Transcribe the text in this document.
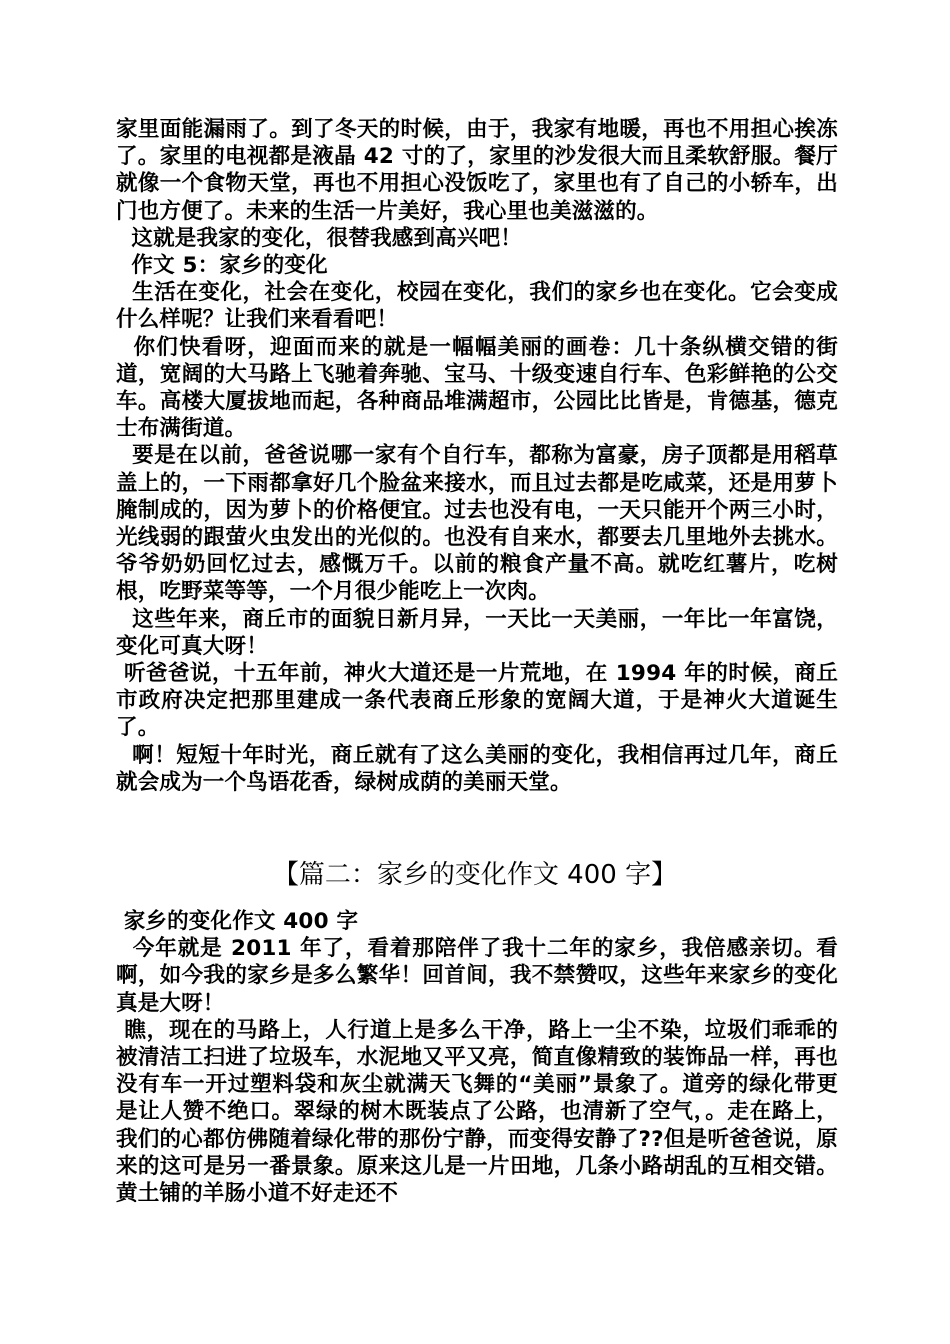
家里面能漏雨了。到了冬天的时候，由于，我家有地暖，再也不用担心挨冻了。家里的电视都是液晶 42 寸的了，家里的沙发很大而且柔软舒服。餐厅就像一个食物天堂，再也不用担心没饭吃了，家里也有了自己的小轿车，出门也方便了。未来的生活一片美好，我心里也美滋滋的。

这就是我家的变化，很替我感到高兴吧！

作文 5：家乡的变化

生活在变化，社会在变化，校园在变化，我们的家乡也在变化。它会变成什么样呢？让我们来看看吧！

你们快看呀，迎面而来的就是一幅幅美丽的画卷：几十条纵横交错的街道，宽阔的大马路上飞驰着奔驰、宝马、十级变速自行车、色彩鲜艳的公交车。高楼大厦拔地而起，各种商品堆满超市，公园比比皆是，肯德基，德克士布满街道。

要是在以前，爸爸说哪一家有个自行车，都称为富豪，房子顶都是用稻草盖上的，一下雨都拿好几个脸盆来接水，而且过去都是吃咸菜，还是用萝卜腌制成的，因为萝卜的价格便宜。过去也没有电，一天只能开个两三小时，光线弱的跟萤火虫发出的光似的。也没有自来水，都要去几里地外去挑水。爷爷奶奶回忆过去，感慨万千。以前的粮食产量不高。就吃红薯片，吃树根，吃野菜等等，一个月很少能吃上一次肉。

这些年来，商丘市的面貌日新月异，一天比一天美丽，一年比一年富饶，变化可真大呀！

听爸爸说，十五年前，神火大道还是一片荒地，在 1994 年的时候，商丘市政府决定把那里建成一条代表商丘形象的宽阔大道，于是神火大道诞生了。

啊！短短十年时光，商丘就有了这么美丽的变化，我相信再过几年，商丘就会成为一个鸟语花香，绿树成荫的美丽天堂。

【篇二：家乡的变化作文 400 字】

家乡的变化作文 400 字

今年就是 2011 年了，看着那陪伴了我十二年的家乡，我倍感亲切。看啊，如今我的家乡是多么繁华！回首间，我不禁赞叹，这些年来家乡的变化真是大呀！

瞧，现在的马路上，人行道上是多么干净，路上一尘不染，垃圾们乖乖的被清洁工扫进了垃圾车，水泥地又平又亮，简直像精致的装饰品一样，再也没有车一开过塑料袋和灰尘就满天飞舞的“美丽”景象了。道旁的绿化带更是让人赞不绝口。翠绿的树木既装点了公路，也清新了空气，。走在路上，我们的心都仿佛随着绿化带的那份宁静，而变得安静了??但是听爸爸说，原来的这可是另一番景象。原来这儿是一片田地，几条小路胡乱的互相交错。黄土铺的羊肠小道不好走还不
